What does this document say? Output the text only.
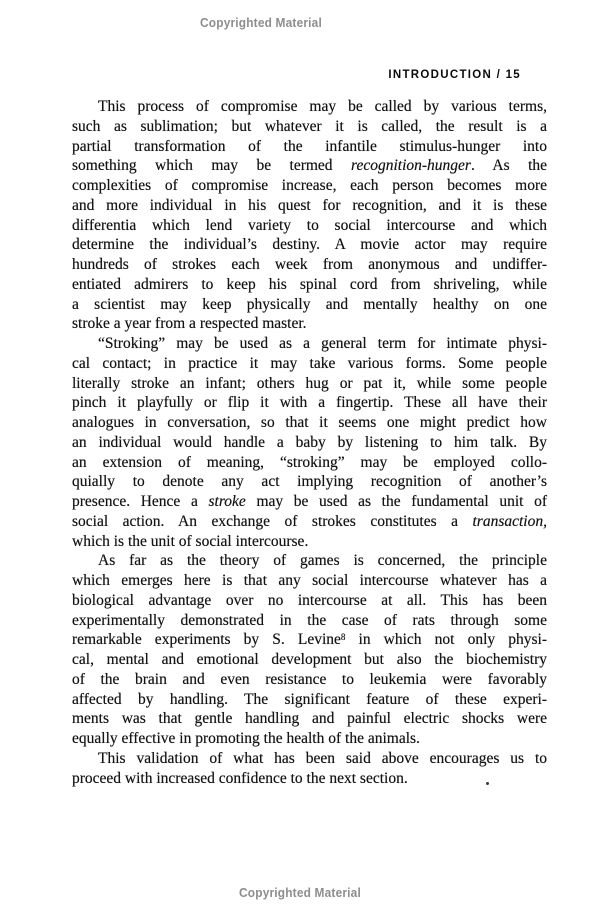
Copyrighted Material
INTRODUCTION / 15
This process of compromise may be called by various terms,
such as sublimation; but whatever it is called, the result is a
partial transformation of the infantile stimulus-hunger into
something which may be termed recognition-hunger. As the
complexities of compromise increase, each person becomes more
and more individual in his quest for recognition, and it is these
differentia which lend variety to social intercourse and which
determine the individual’s destiny. A movie actor may require
hundreds of strokes each week from anonymous and undiffer-
entiated admirers to keep his spinal cord from shriveling, while
a scientist may keep physically and mentally healthy on one
stroke a year from a respected master.
“Stroking” may be used as a general term for intimate physi-
cal contact; in practice it may take various forms. Some people
literally stroke an infant; others hug or pat it, while some people
pinch it playfully or flip it with a fingertip. These all have their
analogues in conversation, so that it seems one might predict how
an individual would handle a baby by listening to him talk. By
an extension of meaning, “stroking” may be employed collo-
quially to denote any act implying recognition of another’s
presence. Hence a stroke may be used as the fundamental unit of
social action. An exchange of strokes constitutes a transaction,
which is the unit of social intercourse.
As far as the theory of games is concerned, the principle
which emerges here is that any social intercourse whatever has a
biological advantage over no intercourse at all. This has been
experimentally demonstrated in the case of rats through some
remarkable experiments by S. Levine$^8$ in which not only physi-
cal, mental and emotional development but also the biochemistry
of the brain and even resistance to leukemia were favorably
affected by handling. The significant feature of these experi-
ments was that gentle handling and painful electric shocks were
equally effective in promoting the health of the animals.
This validation of what has been said above encourages us to
proceed with increased confidence to the next section.
Copyrighted Material
